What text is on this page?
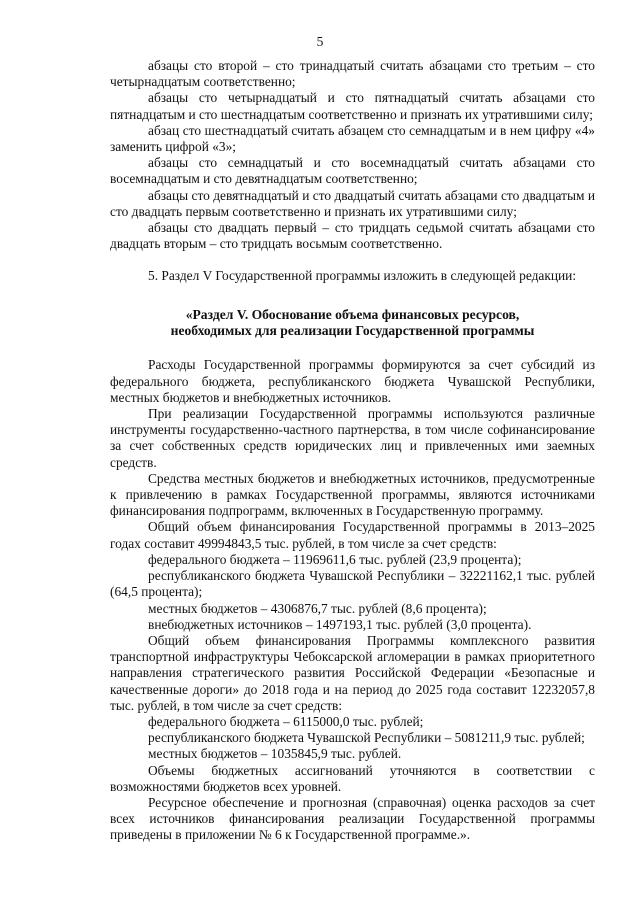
5

абзацы сто второй – сто тринадцатый считать абзацами сто третьим – сто четырнадцатым соответственно;

абзацы сто четырнадцатый и сто пятнадцатый считать абзацами сто пятнадцатым и сто шестнадцатым соответственно и признать их утратившими силу;

абзац сто шестнадцатый считать абзацем сто семнадцатым и в нем цифру «4» заменить цифрой «3»;

абзацы сто семнадцатый и сто восемнадцатый считать абзацами сто восемнадцатым и сто девятнадцатым соответственно;

абзацы сто девятнадцатый и сто двадцатый считать абзацами сто двадцатым и сто двадцать первым соответственно и признать их утратившими силу;

абзацы сто двадцать первый – сто тридцать седьмой считать абзацами сто двадцать вторым – сто тридцать восьмым соответственно.

5. Раздел V Государственной программы изложить в следующей редакции:

«Раздел V. Обоснование объема финансовых ресурсов,
необходимых для реализации Государственной программы

Расходы Государственной программы формируются за счет субсидий из федерального бюджета, республиканского бюджета Чувашской Республики, местных бюджетов и внебюджетных источников.

При реализации Государственной программы используются различные инструменты государственно-частного партнерства, в том числе софинансирование за счет собственных средств юридических лиц и привлеченных ими заемных средств.

Средства местных бюджетов и внебюджетных источников, предусмотренные к привлечению в рамках Государственной программы, являются источниками финансирования подпрограмм, включенных в Государственную программу.

Общий объем финансирования Государственной программы в 2013–2025 годах составит 49994843,5 тыс. рублей, в том числе за счет средств:

федерального бюджета – 11969611,6 тыс. рублей (23,9 процента);

республиканского бюджета Чувашской Республики – 32221162,1 тыс. рублей (64,5 процента);

местных бюджетов – 4306876,7 тыс. рублей (8,6 процента);

внебюджетных источников – 1497193,1 тыс. рублей (3,0 процента).

Общий объем финансирования Программы комплексного развития транспортной инфраструктуры Чебоксарской агломерации в рамках приоритетного направления стратегического развития Российской Федерации «Безопасные и качественные дороги» до 2018 года и на период до 2025 года составит 12232057,8 тыс. рублей, в том числе за счет средств:

федерального бюджета – 6115000,0 тыс. рублей;

республиканского бюджета Чувашской Республики – 5081211,9 тыс. рублей;

местных бюджетов – 1035845,9 тыс. рублей.

Объемы бюджетных ассигнований уточняются в соответствии с возможностями бюджетов всех уровней.

Ресурсное обеспечение и прогнозная (справочная) оценка расходов за счет всех источников финансирования реализации Государственной программы приведены в приложении № 6 к Государственной программе.».
